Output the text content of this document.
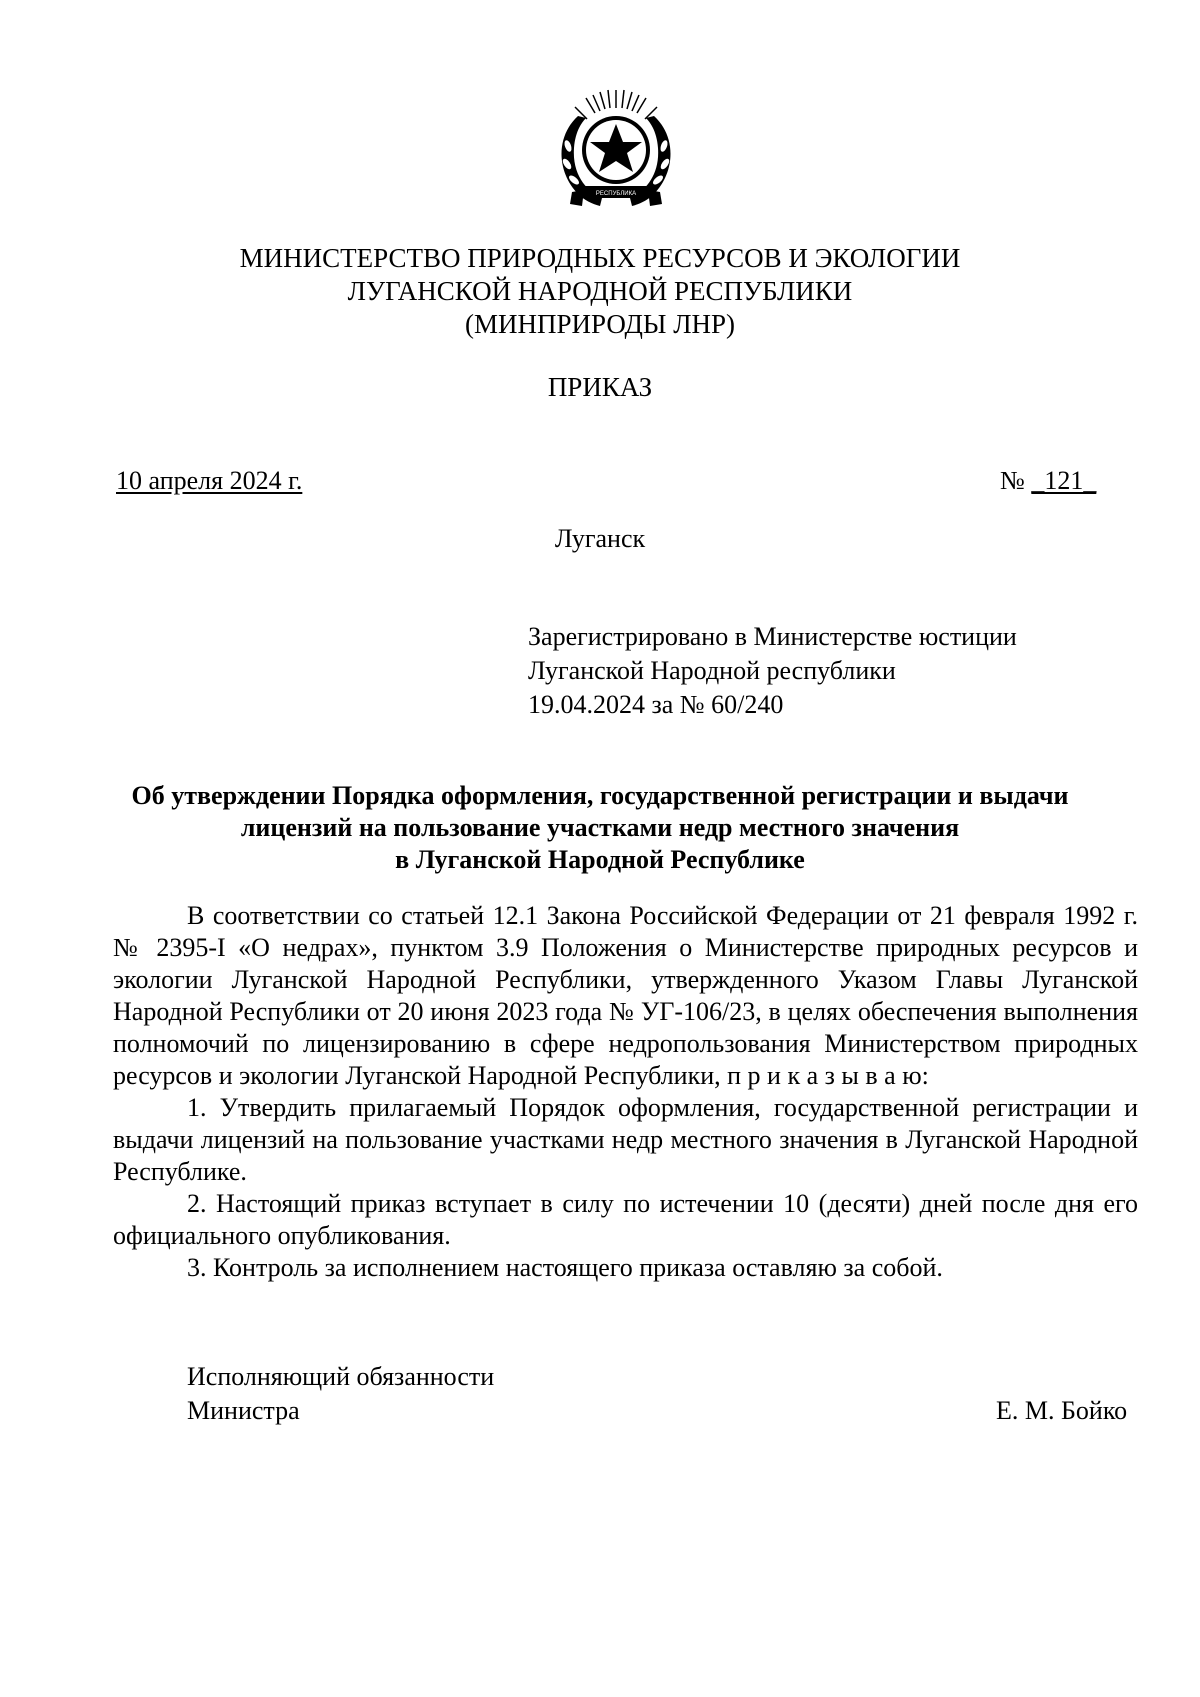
РЕСПУБЛИКА
МИНИСТЕРСТВО ПРИРОДНЫХ РЕСУРСОВ И ЭКОЛОГИИ
ЛУГАНСКОЙ НАРОДНОЙ РЕСПУБЛИКИ
(МИНПРИРОДЫ ЛНР)
ПРИКАЗ
10 апреля 2024 г.	№ _121_
Луганск
Зарегистрировано в Министерстве юстиции
Луганской Народной республики
19.04.2024 за № 60/240
Об утверждении Порядка оформления, государственной регистрации и выдачи
лицензий на пользование участками недр местного значения
в Луганской Народной Республике

В соответствии со статьей 12.1 Закона Российской Федерации от 21 февраля 1992 г. № 2395-I «О недрах», пунктом 3.9 Положения о Министерстве природных ресурсов и экологии Луганской Народной Республики, утвержденного Указом Главы Луганской Народной Республики от 20 июня 2023 года № УГ-106/23, в целях обеспечения выполнения полномочий по лицензированию в сфере недропользования Министерством природных ресурсов и экологии Луганской Народной Республики, п р и к а з ы в а ю:

1. Утвердить прилагаемый Порядок оформления, государственной регистрации и выдачи лицензий на пользование участками недр местного значения в Луганской Народной Республике.

2. Настоящий приказ вступает в силу по истечении 10 (десяти) дней после дня его официального опубликования.

3. Контроль за исполнением настоящего приказа оставляю за собой.

Исполняющий обязанности
Министра	Е. М. Бойко
